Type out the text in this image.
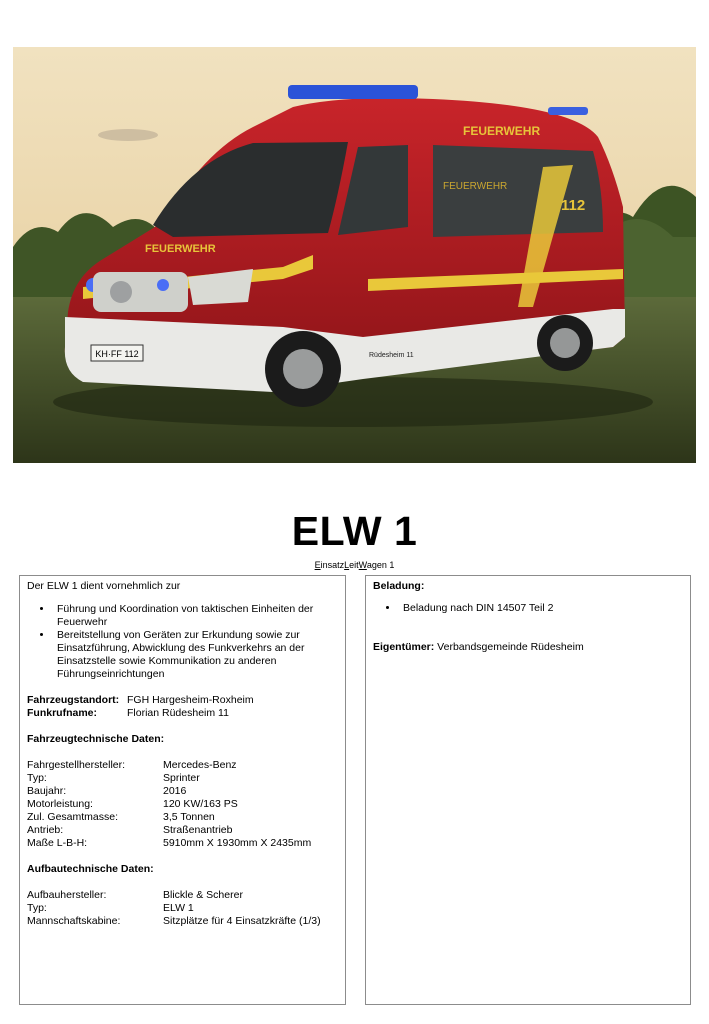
KH·FF 112
FEUERWEHR
FEUERWEHR
112
FEUERWEHR
Rüdesheim 11
ELW 1
EinsatzLeitWagen 1
Der ELW 1 dient vornehmlich zur
• Führung und Koordination von taktischen Einheiten der Feuerwehr
• Bereitstellung von Geräten zur Erkundung sowie zur Einsatzführung, Abwicklung des Funkverkehrs an der Einsatzstelle sowie Kommunikation zu anderen Führungseinrichtungen
Fahrzeugstandort: FGH Hargesheim-Roxheim
Funkrufname:	Florian Rüdesheim 11
Fahrzeugtechnische Daten:
Fahrgestellhersteller:	Mercedes-Benz
Typ:	Sprinter
Baujahr:	2016
Motorleistung:	120 KW/163 PS
Zul. Gesamtmasse:	3,5 Tonnen
Antrieb:	Straßenantrieb
Maße L-B-H:	5910mm X 1930mm X 2435mm
Aufbautechnische Daten:
Aufbauhersteller:	Blickle & Scherer
Typ:	ELW 1
Mannschaftskabine:	Sitzplätze für 4 Einsatzkräfte (1/3)
Beladung:
• Beladung nach DIN 14507 Teil 2
Eigentümer: Verbandsgemeinde Rüdesheim
